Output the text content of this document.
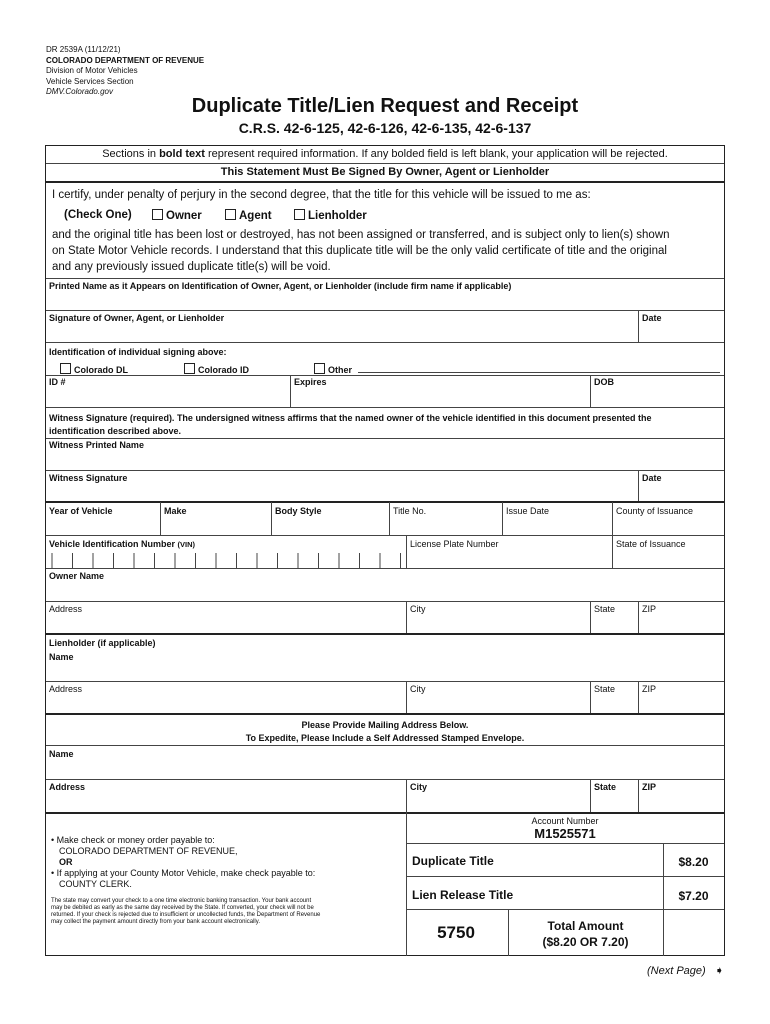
DR 2539A (11/12/21)
COLORADO DEPARTMENT OF REVENUE
Division of Motor Vehicles
Vehicle Services Section
DMV.Colorado.gov
Duplicate Title/Lien Request and Receipt
C.R.S. 42-6-125, 42-6-126, 42-6-135, 42-6-137
Sections in bold text represent required information. If any bolded field is left blank, your application will be rejected.
This Statement Must Be Signed By Owner, Agent or Lienholder
I certify, under penalty of perjury in the second degree, that the title for this vehicle will be issued to me as:
(Check One)	Owner	Agent	Lienholder
and the original title has been lost or destroyed, has not been assigned or transferred, and is subject only to lien(s) shown
on State Motor Vehicle records. I understand that this duplicate title will be the only valid certificate of title and the original
and any previously issued duplicate title(s) will be void.
Printed Name as it Appears on Identification of Owner, Agent, or Lienholder (include firm name if applicable)
Signature of Owner, Agent, or Lienholder	Date
Identification of individual signing above:
Colorado DL	Colorado ID	Other
ID #	Expires	DOB
Witness Signature (required). The undersigned witness affirms that the named owner of the vehicle identified in this document presented the
identification described above.
Witness Printed Name
Witness Signature	Date
Year of Vehicle	Make	Body Style	Title No.	Issue Date	County of Issuance
Vehicle Identification Number (VIN)	License Plate Number	State of Issuance
Owner Name
Address	City	State	ZIP
Lienholder (if applicable)
Name
Address	City	State	ZIP
Please Provide Mailing Address Below.
To Expedite, Please Include a Self Addressed Stamped Envelope.
Name
Address	City	State	ZIP
• Make check or money order payable to:
COLORADO DEPARTMENT OF REVENUE,
OR
• If applying at your County Motor Vehicle, make check payable to:
COUNTY CLERK.
The state may convert your check to a one time electronic banking transaction. Your bank account
may be debited as early as the same day received by the State. If converted, your check will not be
returned. If your check is rejected due to insufficient or uncollected funds, the Department of Revenue
may collect the payment amount directly from your bank account electronically.
Account Number
M1525571
Duplicate Title	$8.20
Lien Release Title	$7.20
5750	Total Amount
($8.20 OR 7.20)
(Next Page) ➧
